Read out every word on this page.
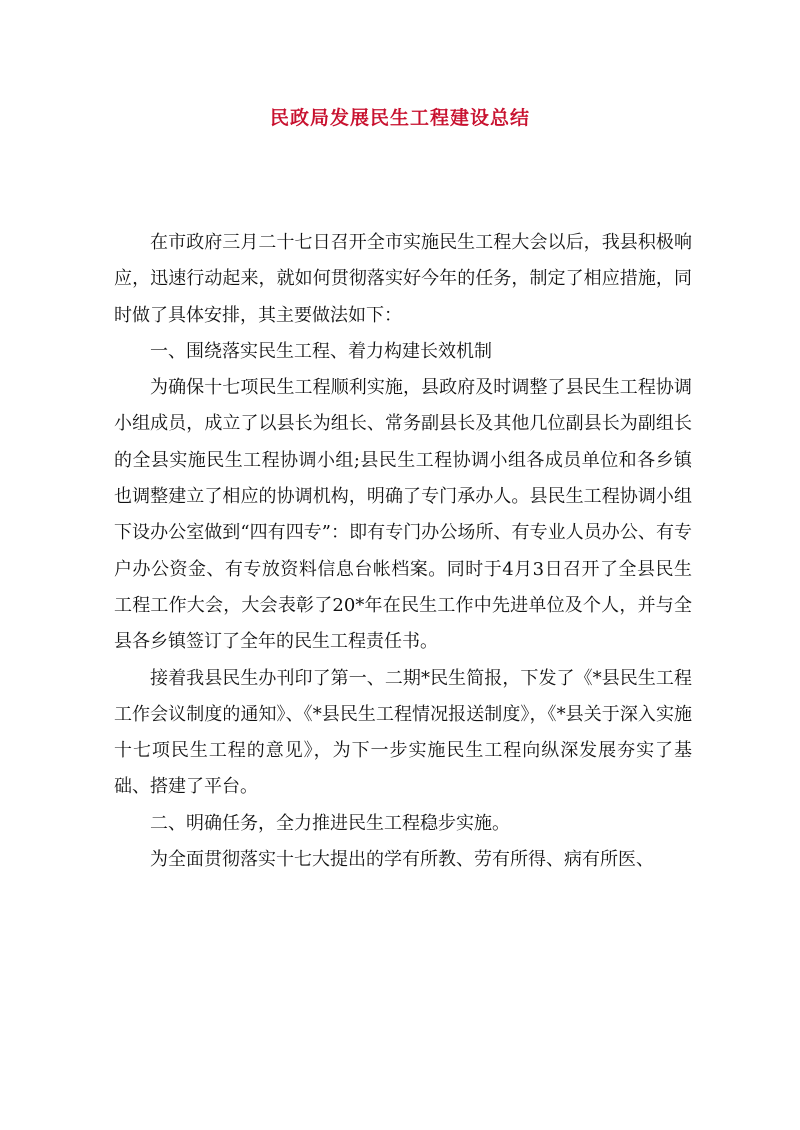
民政局发展民生工程建设总结

在市政府三月二十七日召开全市实施民生工程大会以后，我县积极响应，迅速行动起来，就如何贯彻落实好今年的任务，制定了相应措施，同时做了具体安排，其主要做法如下：

一、围绕落实民生工程、着力构建长效机制

为确保十七项民生工程顺利实施，县政府及时调整了县民生工程协调小组成员，成立了以县长为组长、常务副县长及其他几位副县长为副组长的全县实施民生工程协调小组;县民生工程协调小组各成员单位和各乡镇也调整建立了相应的协调机构，明确了专门承办人。县民生工程协调小组下设办公室做到“四有四专”：即有专门办公场所、有专业人员办公、有专户办公资金、有专放资料信息台帐档案。同时于4月3日召开了全县民生工程工作大会，大会表彰了20*年在民生工作中先进单位及个人，并与全县各乡镇签订了全年的民生工程责任书。

接着我县民生办刊印了第一、二期*民生简报，下发了《*县民生工程工作会议制度的通知》、《*县民生工程情况报送制度》，《*县关于深入实施十七项民生工程的意见》，为下一步实施民生工程向纵深发展夯实了基础、搭建了平台。

二、明确任务，全力推进民生工程稳步实施。

为全面贯彻落实十七大提出的学有所教、劳有所得、病有所医、
